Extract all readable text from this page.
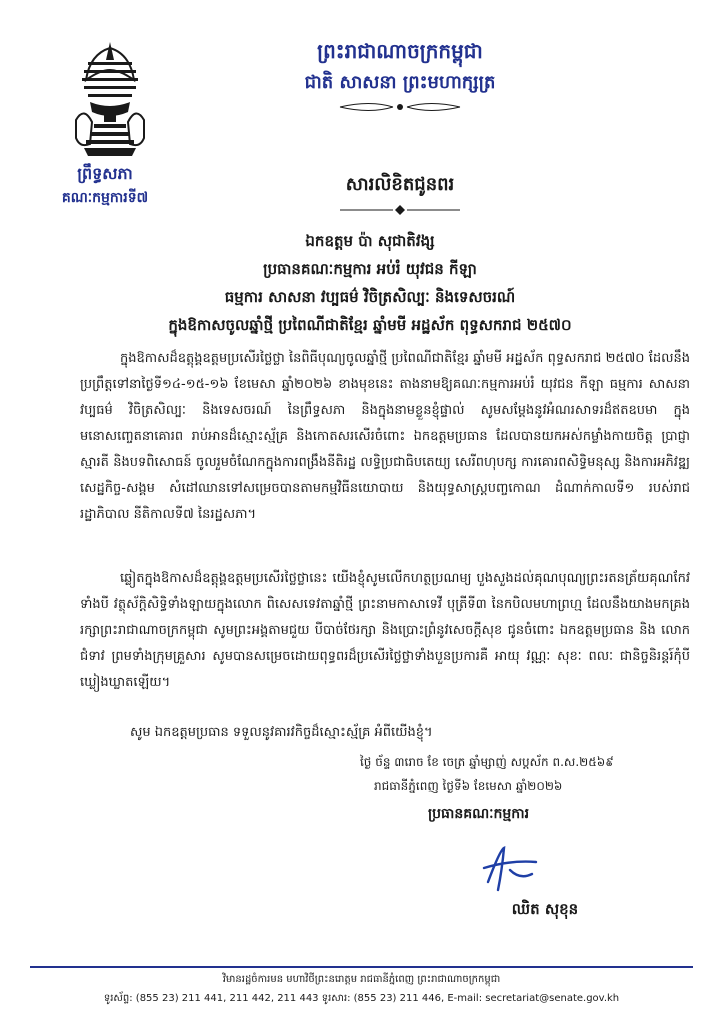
ព្រឹទ្ធសភា
គណៈកម្មការទី៧
ព្រះរាជាណាចក្រកម្ពុជា
ជាតិ សាសនា ព្រះមហាក្សត្រ
សារលិខិតជូនពរ
ឯកឧត្តម ប៉ា សុជាតិវង្ស
ប្រធានគណៈកម្មការ អប់រំ យុវជន កីឡា
ធម្មការ សាសនា វប្បធម៌ វិចិត្រសិល្បៈ និងទេសចរណ៍
ក្នុងឱកាសចូលឆ្នាំថ្មី ប្រពៃណីជាតិខ្មែរ ឆ្នាំមមី អដ្ឋស័ក ពុទ្ធសករាជ ២៥៧០
ក្នុងឱកាសដ៏ឧត្តុង្គឧត្តមប្រសើរថ្លៃថ្លា នៃពិធីបុណ្យចូលឆ្នាំថ្មី ប្រពៃណីជាតិខ្មែរ ឆ្នាំមមី អដ្ឋស័ក ពុទ្ធសករាជ ២៥៧០ ដែលនឹងប្រព្រឹត្តទៅនាថ្ងៃទី១៤-១៥-១៦ ខែមេសា ឆ្នាំ២០២៦ ខាងមុខនេះ តាងនាមឱ្យគណៈកម្មការអប់រំ យុវជន កីឡា ធម្មការ សាសនា វប្បធម៌ វិចិត្រសិល្បៈ និងទេសចរណ៍ នៃព្រឹទ្ធសភា និងក្នុងនាមខ្លួនខ្ញុំផ្ទាល់ សូមសម្តែងនូវអំណរសាទរដ៏ឥតឧបមា ក្នុងមនោសញ្ចេតនាគោរព រាប់អានដ៏ស្មោះស្ម័គ្រ និងកោតសរសើរចំពោះ ឯកឧត្តមប្រធាន ដែលបានយកអស់កម្លាំងកាយចិត្ត ប្រាជ្ញាស្មារតី និងបទពិសោធន៍ ចូលរួមចំណែកក្នុងការពង្រឹងនីតិរដ្ឋ លទ្ធិប្រជាធិបតេយ្យ សេរីពហុបក្ស ការគោរពសិទ្ធិមនុស្ស និងការអភិវឌ្ឍសេដ្ឋកិច្ច-សង្គម សំដៅឈានទៅសម្រេចបានតាមកម្មវិធីនយោបាយ និងយុទ្ធសាស្ត្របញ្ចកោណ ដំណាក់កាលទី១ របស់រាជរដ្ឋាភិបាល នីតិកាលទី៧ នៃរដ្ឋសភា។
ឆ្លៀតក្នុងឱកាសដ៏ឧត្តុង្គឧត្តមប្រសើរថ្លៃថ្លានេះ យើងខ្ញុំសូមលើកហត្ថប្រណម្យ បួងសួងដល់គុណបុណ្យព្រះរតនត្រ័យគុណកែវទាំងបី វត្ថុស័ក្តិសិទ្ធិទាំងឡាយក្នុងលោក ពិសេសទេវតាឆ្នាំថ្មី ព្រះនាមកាសាទេវី បុត្រីទី៣ នៃកបិលមហាព្រហ្ម ដែលនឹងយាងមកគ្រងរក្សាព្រះរាជាណាចក្រកម្ពុជា សូមព្រះអង្គតាមជួយ បីបាច់ថែរក្សា និងប្រោះព្រំនូវសេចក្តីសុខ ជូនចំពោះ ឯកឧត្តមប្រធាន និង លោកជំទាវ ព្រមទាំងក្រុមគ្រួសារ សូមបានសម្រេចដោយពុទ្ធពរដ៏ប្រសើរថ្លៃថ្លាទាំងបួនប្រការគឺ អាយុ វណ្ណៈ សុខៈ ពលៈ ជានិច្ចនិរន្តរ៍កុំបីឃ្លៀងឃ្លាតឡើយ។
សូម ឯកឧត្តមប្រធាន ទទួលនូវគារវកិច្ចដ៏ស្មោះស្ម័គ្រ អំពីយើងខ្ញុំ។
ថ្ងៃ ច័ន្ទ ៣រោច ខែ ចេត្រ ឆ្នាំម្សាញ់ សប្តស័ក ព.ស.២៥៦៩
រាជធានីភ្នំពេញ ថ្ងៃទី៦ ខែមេសា ឆ្នាំ២០២៦
ប្រធានគណៈកម្មការ
ឈិត សុខុន
វិមានរដ្ឋចំការមន មហាវិថីព្រះនរោត្តម រាជធានីភ្នំពេញ ព្រះរាជាណាចក្រកម្ពុជា
ទូរស័ព្ទ: (855 23) 211 441, 211 442, 211 443 ទូរសារ: (855 23) 211 446, E-mail: secretariat@senate.gov.kh
